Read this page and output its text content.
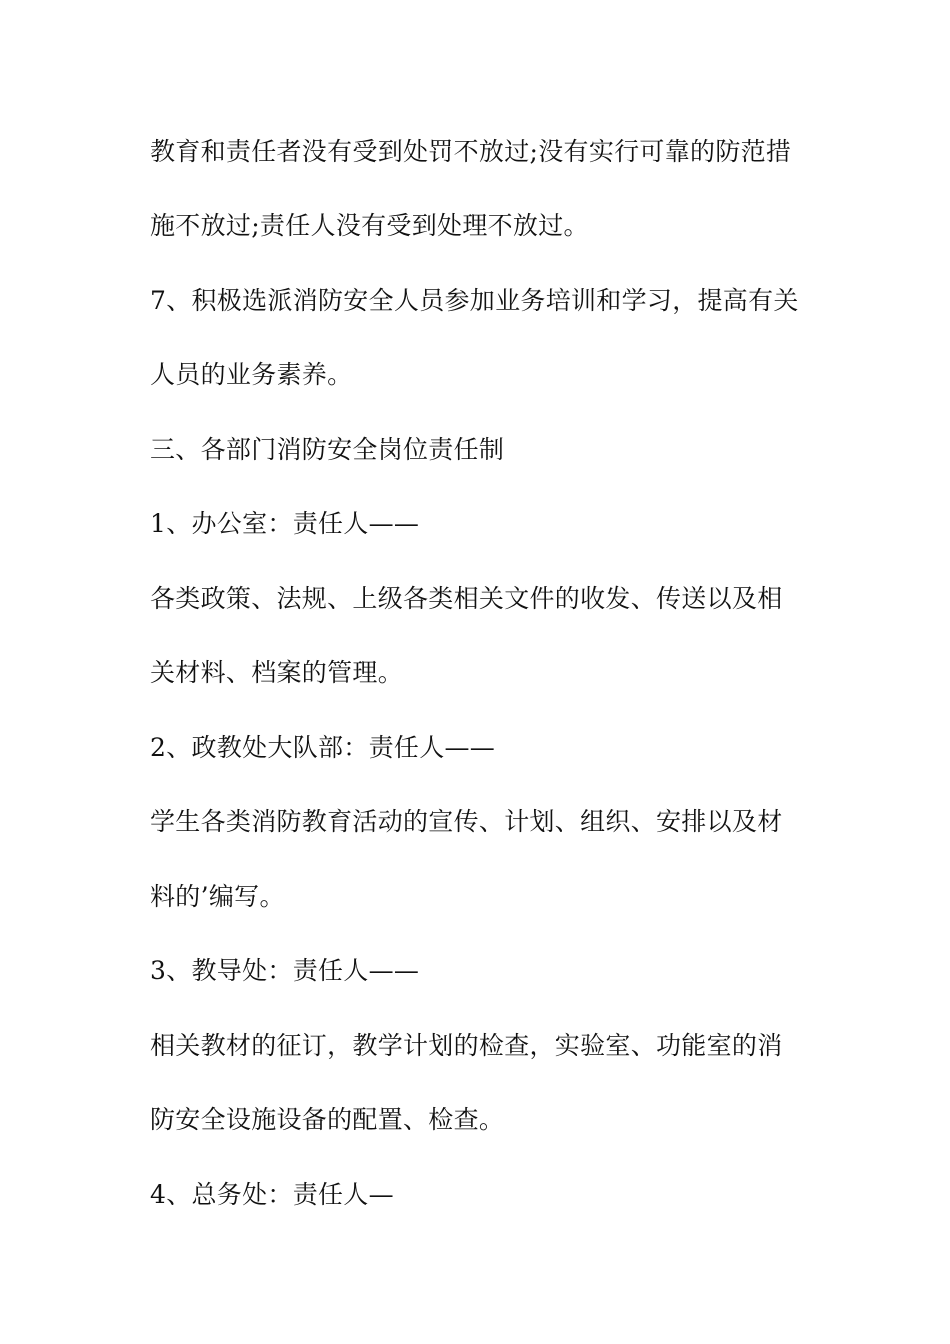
教育和责任者没有受到处罚不放过;没有实行可靠的防范措
施不放过;责任人没有受到处理不放过。
7、积极选派消防安全人员参加业务培训和学习，提高有关
人员的业务素养。
三、各部门消防安全岗位责任制
1、办公室：责任人——
各类政策、法规、上级各类相关文件的收发、传送以及相
关材料、档案的管理。
2、政教处大队部：责任人——
学生各类消防教育活动的宣传、计划、组织、安排以及材
料的’编写。
3、教导处：责任人——
相关教材的征订，教学计划的检查，实验室、功能室的消
防安全设施设备的配置、检查。
4、总务处：责任人—
